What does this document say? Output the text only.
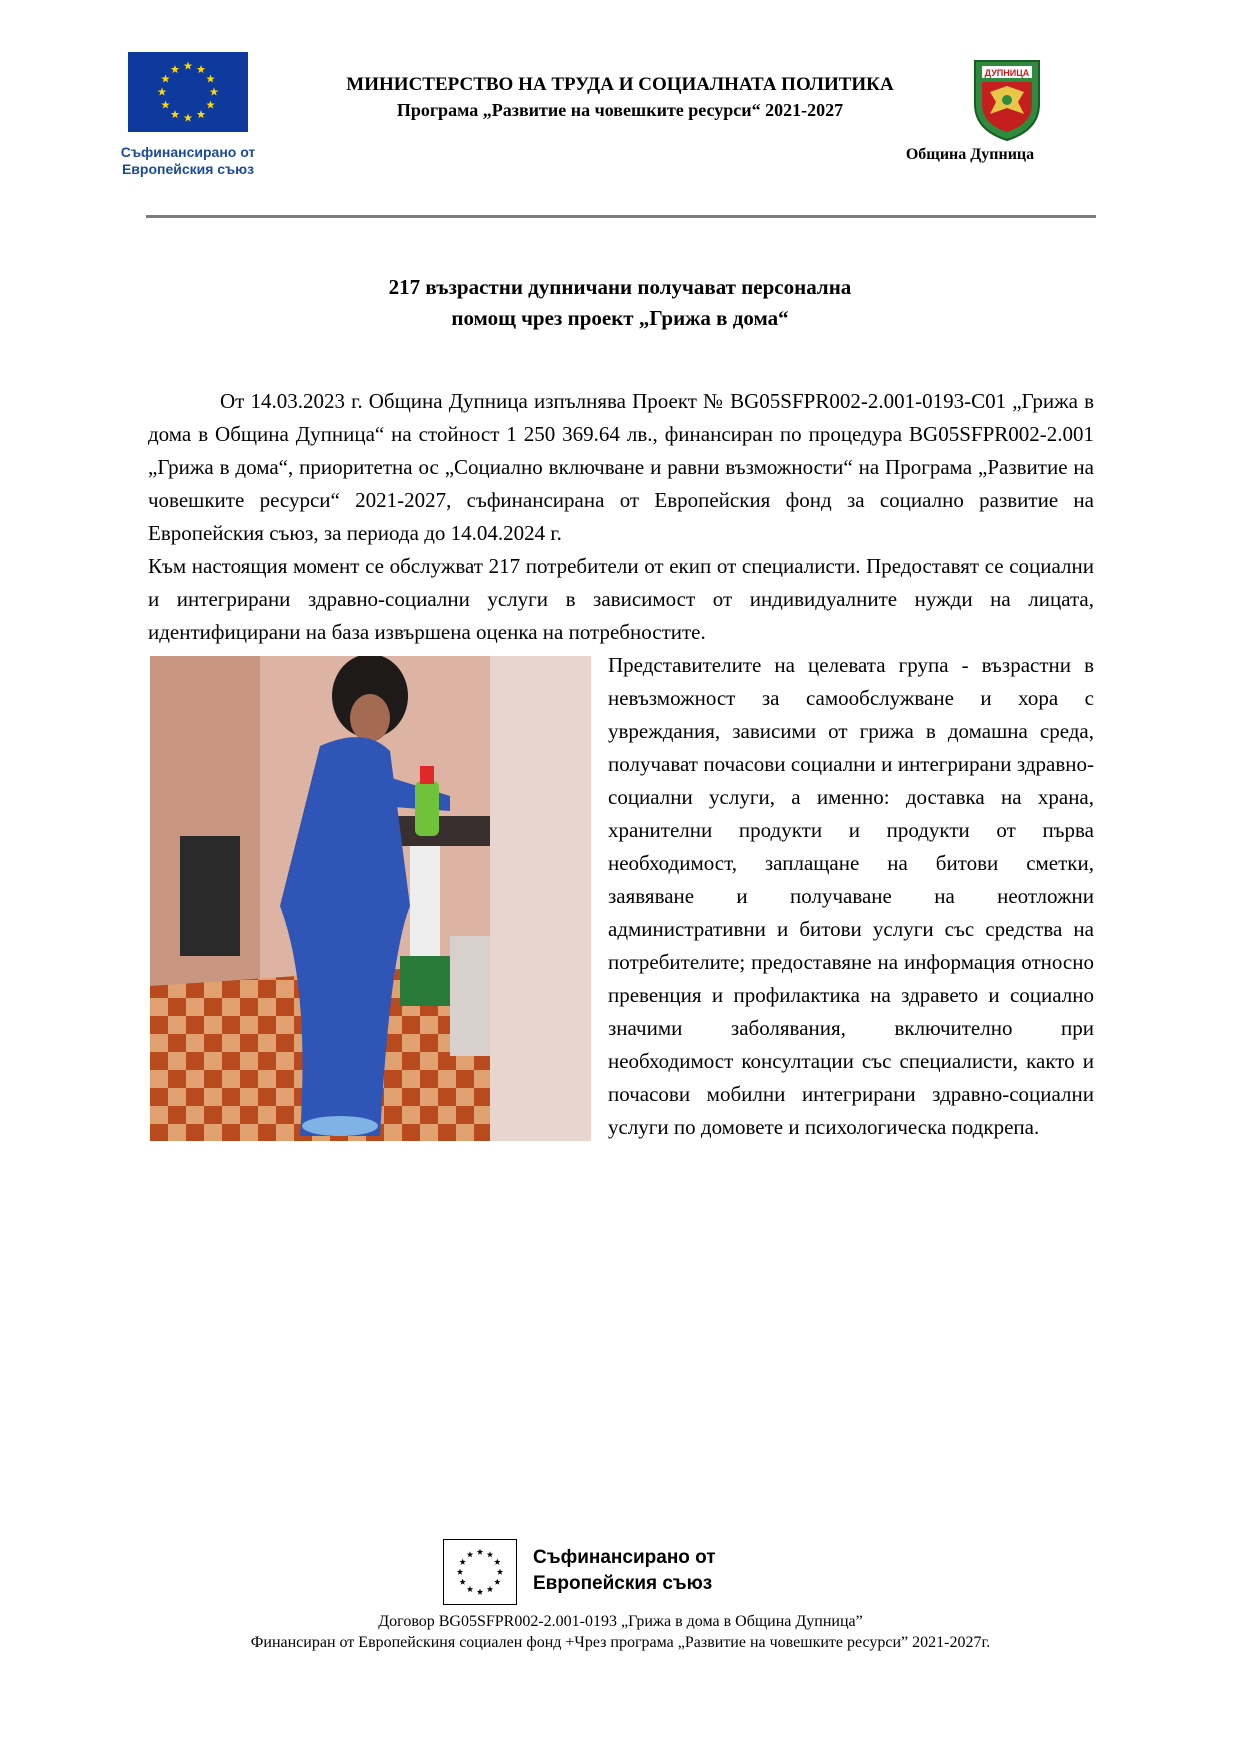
Съфинансирано от
Европейския съюз
МИНИСТЕРСТВО НА ТРУДА И СОЦИАЛНАТА ПОЛИТИКА
Програма „Развитие на човешките ресурси“ 2021-2027
ДУПНИЦА
Община Дупница
217 възрастни дупничани получават персонална
помощ чрез проект „Грижа в дома“

От 14.03.2023 г. Община Дупница изпълнява Проект № BG05SFPR002-2.001-0193-C01 „Грижа в дома в Община Дупница“ на стойност 1 250 369.64 лв., финансиран по процедура BG05SFPR002-2.001 „Грижа в дома“, приоритетна ос „Социално включване и равни възможности“ на Програма „Развитие на човешките ресурси“ 2021-2027, съфинансирана от Европейския фонд за социално развитие на Европейския съюз, за периода до 14.04.2024 г.

Към настоящия момент се обслужват 217 потребители от екип от специалисти. Предоставят се социални и интегрирани здравно-социални услуги в зависимост от индивидуалните нужди на лицата, идентифицирани на база извършена оценка на потребностите.

Представителите на целевата група - възрастни в невъзможност за самообслужване и хора с увреждания, зависими от грижа в домашна среда, получават почасови социални и интегрирани здравно-социални услуги, а именно: доставка на храна, хранителни продукти и продукти от първа необходимост, заплащане на битови сметки, заявяване и получаване на неотложни административни и битови услуги със средства на потребителите; предоставяне на информация относно превенция и профилактика на здравето и социално значими заболявания, включително при необходимост консултации със специалисти, както и почасови мобилни интегрирани здравно-социални услуги по домовете и психологическа подкрепа.

Съфинансирано от
Европейския съюз
Договор BG05SFPR002-2.001-0193 „Грижа в дома в Община Дупница”
Финансиран от Европейскиня социален фонд +Чрез програма „Развитие на човешките ресурси” 2021-2027г.
